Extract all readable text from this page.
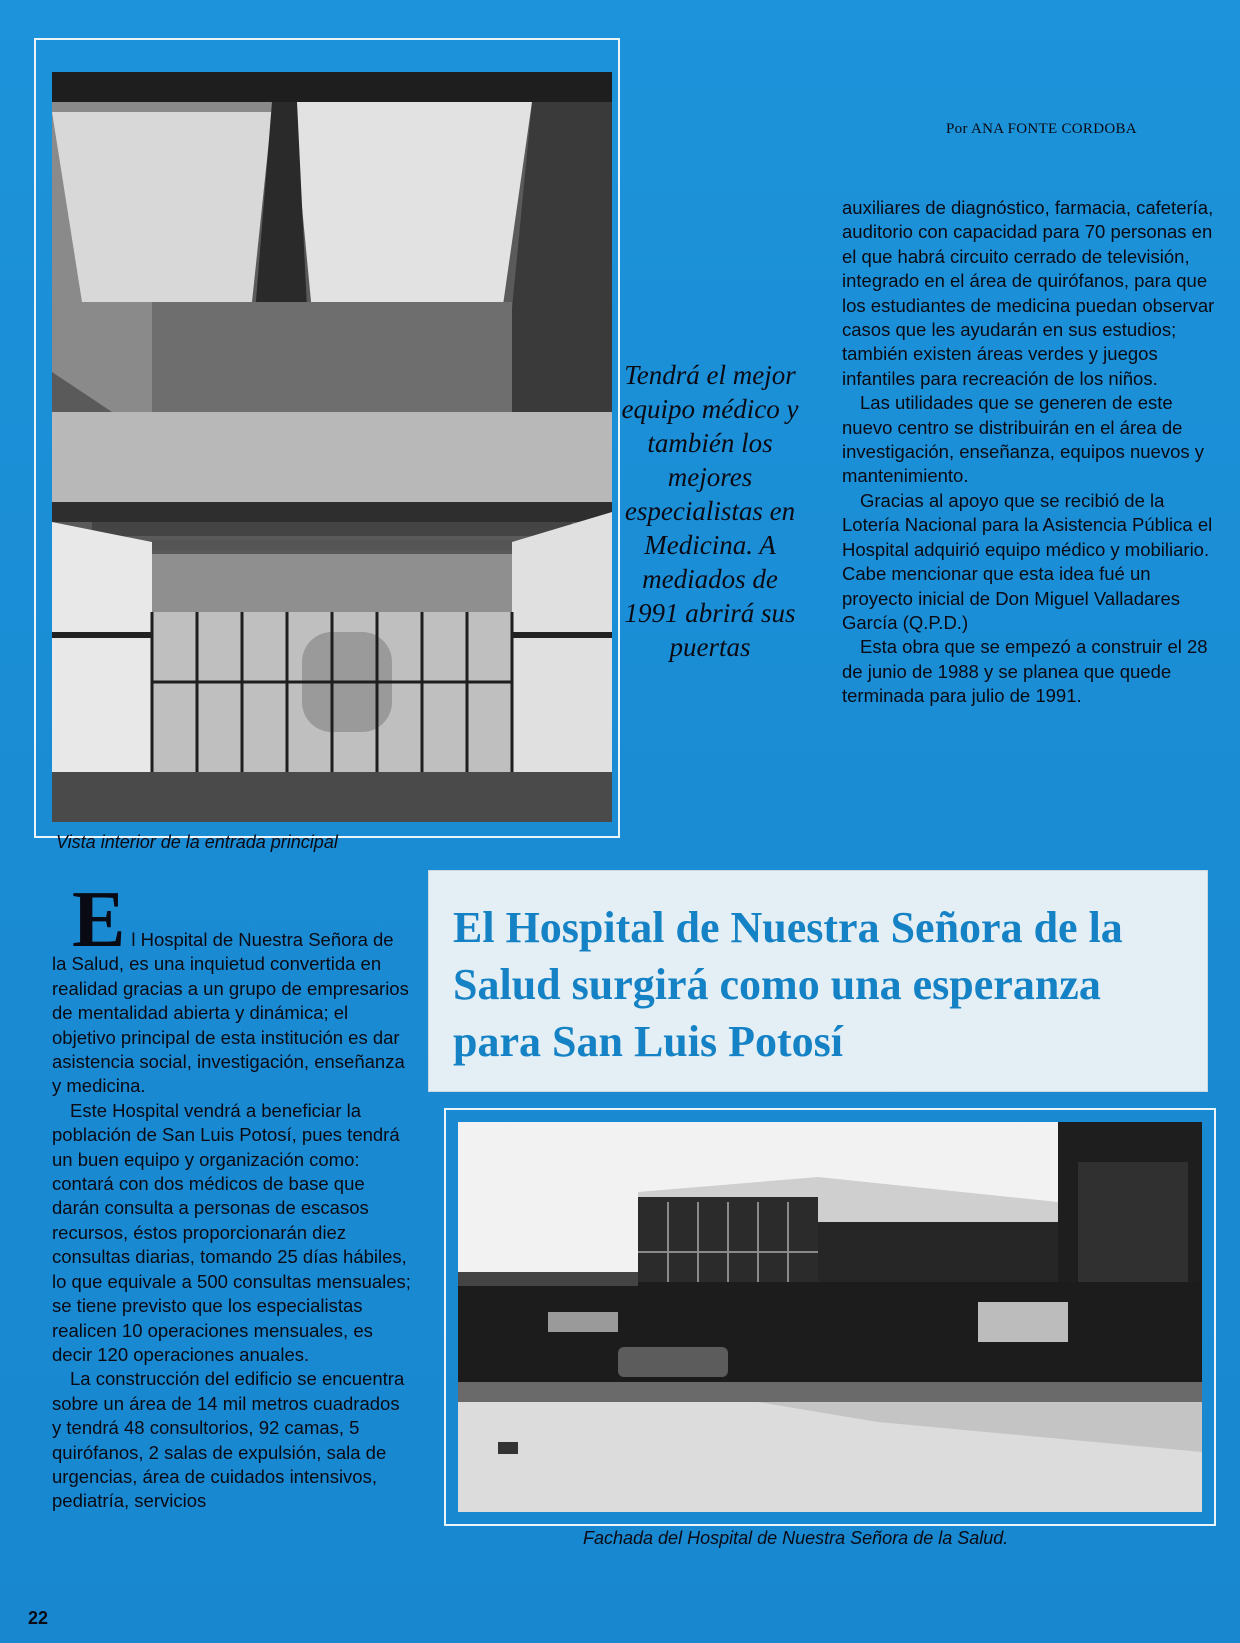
Vista interior de la entrada principal
Por ANA FONTE CORDOBA
Tendrá el mejor equipo médico y también los mejores especialistas en Medicina. A mediados de 1991 abrirá sus puertas

auxiliares de diagnóstico, farmacia, cafetería, auditorio con capacidad para 70 personas en el que habrá circuito cerrado de televisión, integrado en el área de quirófanos, para que los estudiantes de medicina puedan observar casos que les ayudarán en sus estudios; también existen áreas verdes y juegos infantiles para recreación de los niños.

Las utilidades que se generen de este nuevo centro se distribuirán en el área de investigación, enseñanza, equipos nuevos y mantenimiento.

Gracias al apoyo que se recibió de la Lotería Nacional para la Asistencia Pública el Hospital adquirió equipo médico y mobiliario. Cabe mencionar que esta idea fué un proyecto inicial de Don Miguel Valladares García (Q.P.D.)

Esta obra que se empezó a construir el 28 de junio de 1988 y se planea que quede terminada para julio de 1991.

El Hospital de Nuestra Señora de la Salud surgirá como una esperanza para San Luis Potosí

El Hospital de Nuestra Señora de la Salud, es una inquietud convertida en realidad gracias a un grupo de empresarios de mentalidad abierta y dinámica; el objetivo principal de esta institución es dar asistencia social, investigación, enseñanza y medicina.

Este Hospital vendrá a beneficiar la población de San Luis Potosí, pues tendrá un buen equipo y organización como: contará con dos médicos de base que darán consulta a personas de escasos recursos, éstos proporcionarán diez consultas diarias, tomando 25 días hábiles, lo que equivale a 500 consultas mensuales; se tiene previsto que los especialistas realicen 10 operaciones mensuales, es decir 120 operaciones anuales.

La construcción del edificio se encuentra sobre un área de 14 mil metros cuadrados y tendrá 48 consultorios, 92 camas, 5 quirófanos, 2 salas de expulsión, sala de urgencias, área de cuidados intensivos, pediatría, servicios

Fachada del Hospital de Nuestra Señora de la Salud.
22
